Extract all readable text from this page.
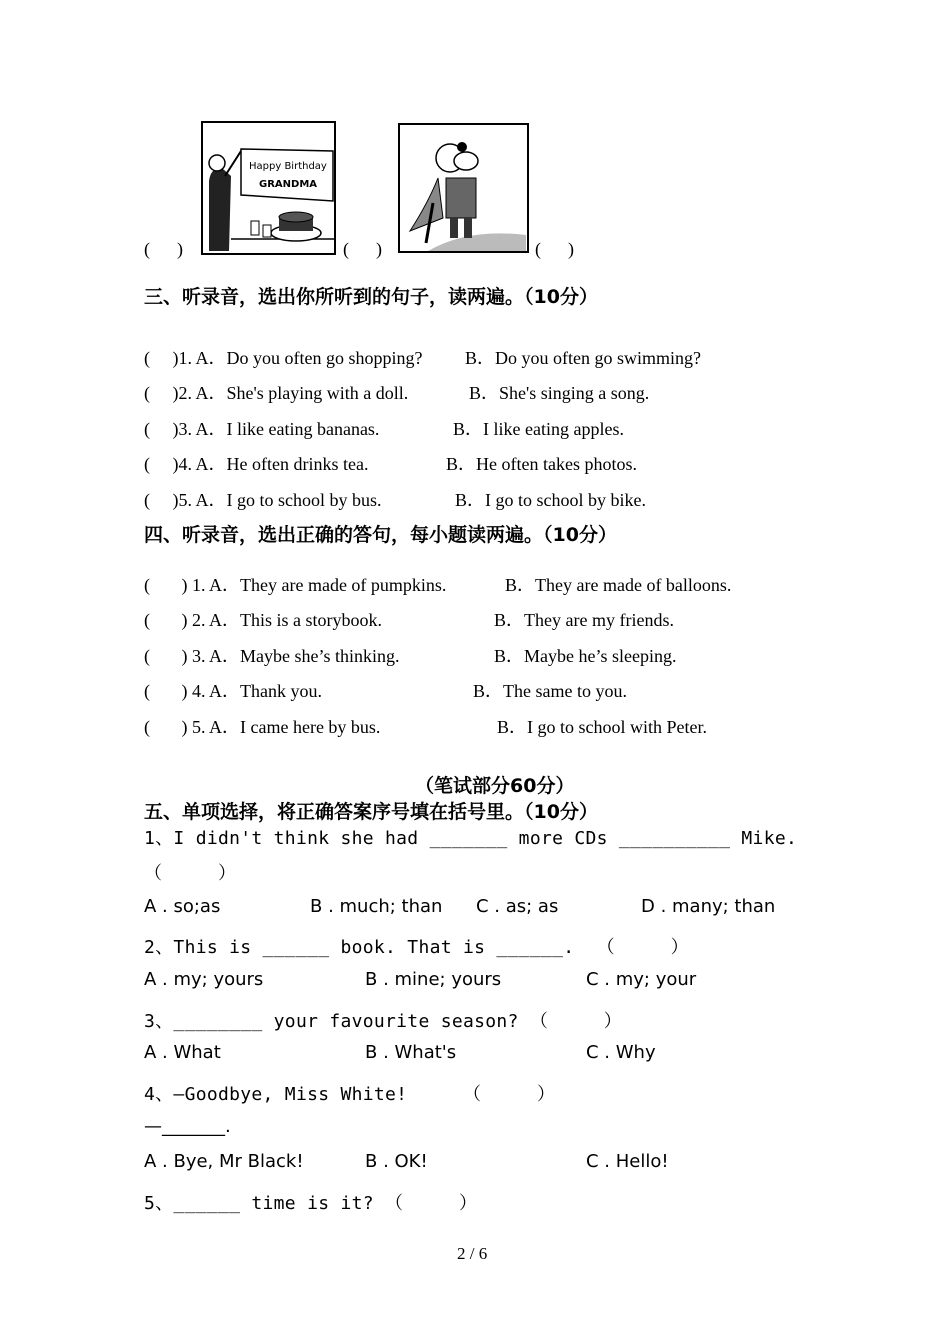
(      )
Happy Birthday
GRANDMA
(      )	(      )
三、听录音，选出你所听到的句子，读两遍。（10分）
(     )1. A．Do you often go shopping? B．Do you often go swimming?
(     )2. A．She's playing with a doll.	B．She's singing a song.
(     )3. A．I like eating bananas.	B．I like eating apples.
(     )4. A．He often drinks tea.	B．He often takes photos.
(     )5. A．I go to school by bus.	B．I go to school by bike.
四、听录音，选出正确的答句，每小题读两遍。（10分）
(       ) 1. A．They are made of pumpkins.	B．They are made of balloons.
(       ) 2. A．This is a storybook.	B．They are my friends.
(       ) 3. A．Maybe she’s thinking.	B．Maybe he’s sleeping.
(       ) 4. A．Thank you.	B．The same to you.
(       ) 5. A．I came here by bus.	B．I go to school with Peter.
（笔试部分60分）
五、单项选择，将正确答案序号填在括号里。（10分）
1、I didn't think she had _______ more CDs __________ Mike.
（     ）
A . so;as	B . much; than C . as; as	D . many; than
2、This is ______ book. That is ______.  （     ）
A . my; yours	B . mine; yours	C . my; your
3、________ your favourite season? （     ）
A . What	B . What's	C . Why
4、—Goodbye, Miss White!     （     ）
—_______.
A . Bye, Mr Black!	B . OK!	C . Hello!
5、______ time is it? （     ）
2 / 6
